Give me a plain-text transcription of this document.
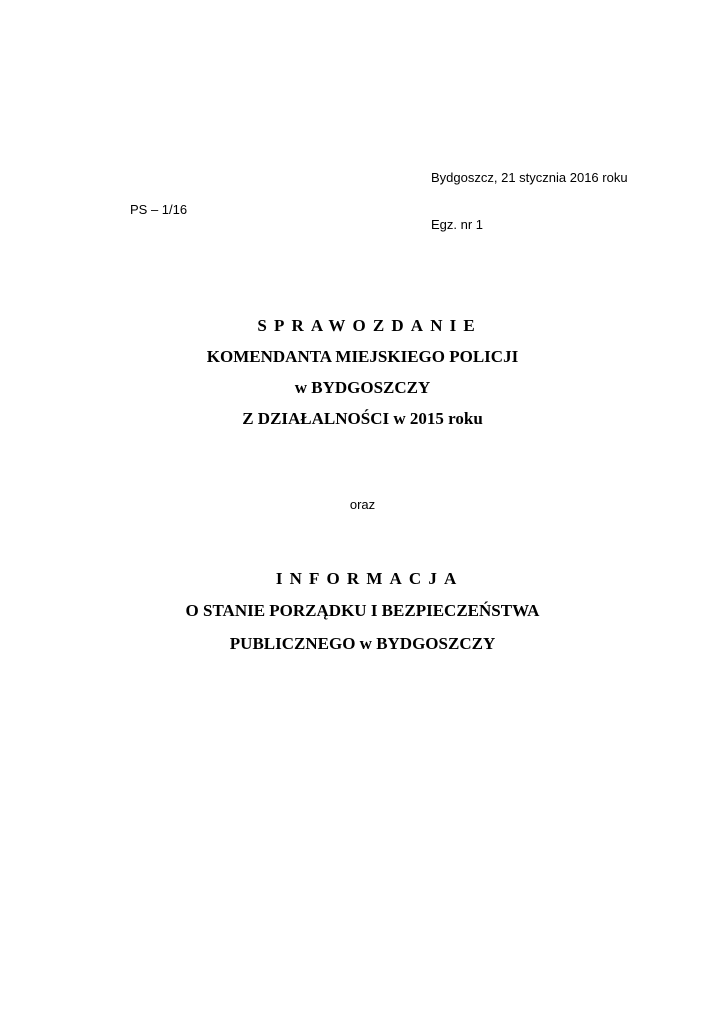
Bydgoszcz, 21 stycznia 2016 roku
PS – 1/16
Egz. nr 1
SPRAWOZDANIE
KOMENDANTA MIEJSKIEGO POLICJI
w BYDGOSZCZY
Z DZIAŁALNOŚCI w 2015 roku
oraz
INFORMACJA
O STANIE PORZĄDKU I BEZPIECZEŃSTWA
PUBLICZNEGO w BYDGOSZCZY
